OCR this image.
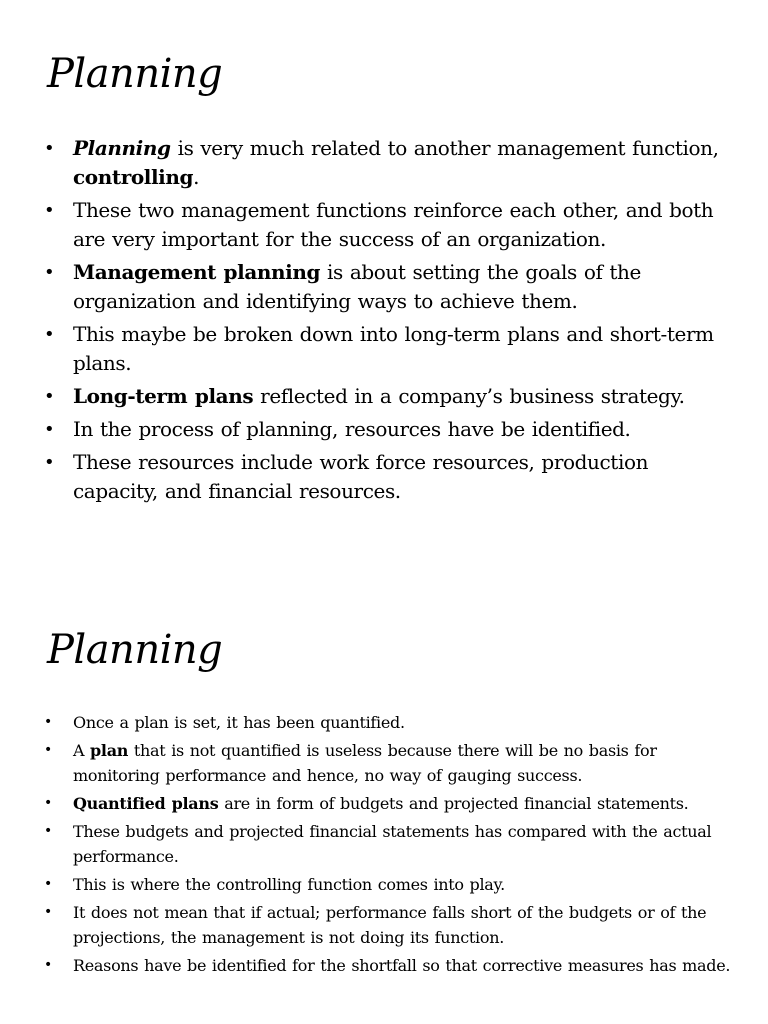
Planning
• Planning is very much related to another management function, controlling.
• These two management functions reinforce each other, and both are very important for the success of an organization.
• Management planning is about setting the goals of the organization and identifying ways to achieve them.
• This maybe be broken down into long-term plans and short-term plans.
• Long-term plans reflected in a company’s business strategy.
• In the process of planning, resources have be identified.
• These resources include work force resources, production capacity, and financial resources.
Planning
• Once a plan is set, it has been quantified.
• A plan that is not quantified is useless because there will be no basis for monitoring performance and hence, no way of gauging success.
• Quantified plans are in form of budgets and projected financial statements.
• These budgets and projected financial statements has compared with the actual performance.
• This is where the controlling function comes into play.
• It does not mean that if actual; performance falls short of the budgets or of the projections, the management is not doing its function.
• Reasons have be identified for the shortfall so that corrective measures has made.
